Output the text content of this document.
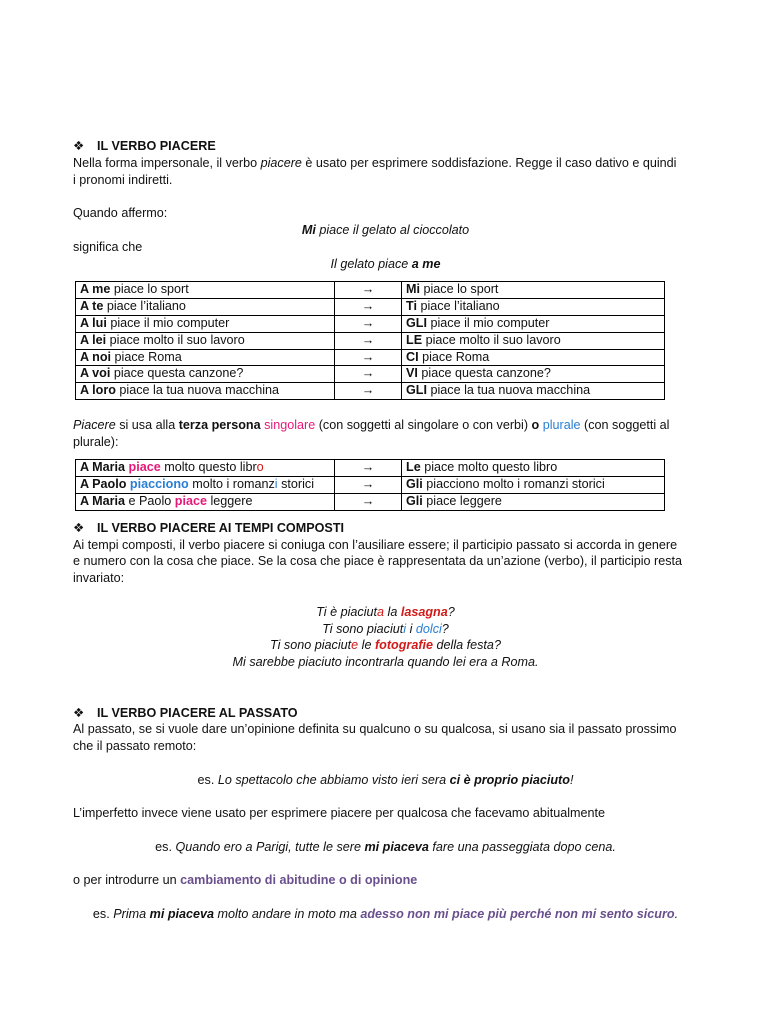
❖ IL VERBO PIACERE
Nella forma impersonale, il verbo piacere è usato per esprimere soddisfazione. Regge il caso dativo e quindi
i pronomi indiretti.
Quando affermo:
Mi piace il gelato al cioccolato
significa che
Il gelato piace a me
A me piace lo sport	→	Mi piace lo sport
A te piace l’italiano	→	Ti piace l’italiano
A lui piace il mio computer	→	GLI piace il mio computer
A lei piace molto il suo lavoro	→	LE piace molto il suo lavoro
A noi piace Roma	→	CI piace Roma
A voi piace questa canzone?	→	VI piace questa canzone?
A loro piace la tua nuova macchina	→	GLI piace la tua nuova macchina
Piacere si usa alla terza persona singolare (con soggetti al singolare o con verbi) o plurale (con soggetti al
plurale):
A Maria piace molto questo libro	→	Le piace molto questo libro
A Paolo piacciono molto i romanzi storici	→	Gli piacciono molto i romanzi storici
A Maria e Paolo piace leggere	→	Gli piace leggere
❖ IL VERBO PIACERE AI TEMPI COMPOSTI
Ai tempi composti, il verbo piacere si coniuga con l’ausiliare essere; il participio passato si accorda in genere
e numero con la cosa che piace. Se la cosa che piace è rappresentata da un’azione (verbo), il participio resta
invariato:
Ti è piaciuta la lasagna?
Ti sono piaciuti i dolci?
Ti sono piaciute le fotografie della festa?
Mi sarebbe piaciuto incontrarla quando lei era a Roma.
❖ IL VERBO PIACERE AL PASSATO
Al passato, se si vuole dare un’opinione definita su qualcuno o su qualcosa, si usano sia il passato prossimo
che il passato remoto:
es. Lo spettacolo che abbiamo visto ieri sera ci è proprio piaciuto!
L’imperfetto invece viene usato per esprimere piacere per qualcosa che facevamo abitualmente
es. Quando ero a Parigi, tutte le sere mi piaceva fare una passeggiata dopo cena.
o per introdurre un cambiamento di abitudine o di opinione
es. Prima mi piaceva molto andare in moto ma adesso non mi piace più perché non mi sento sicuro.
